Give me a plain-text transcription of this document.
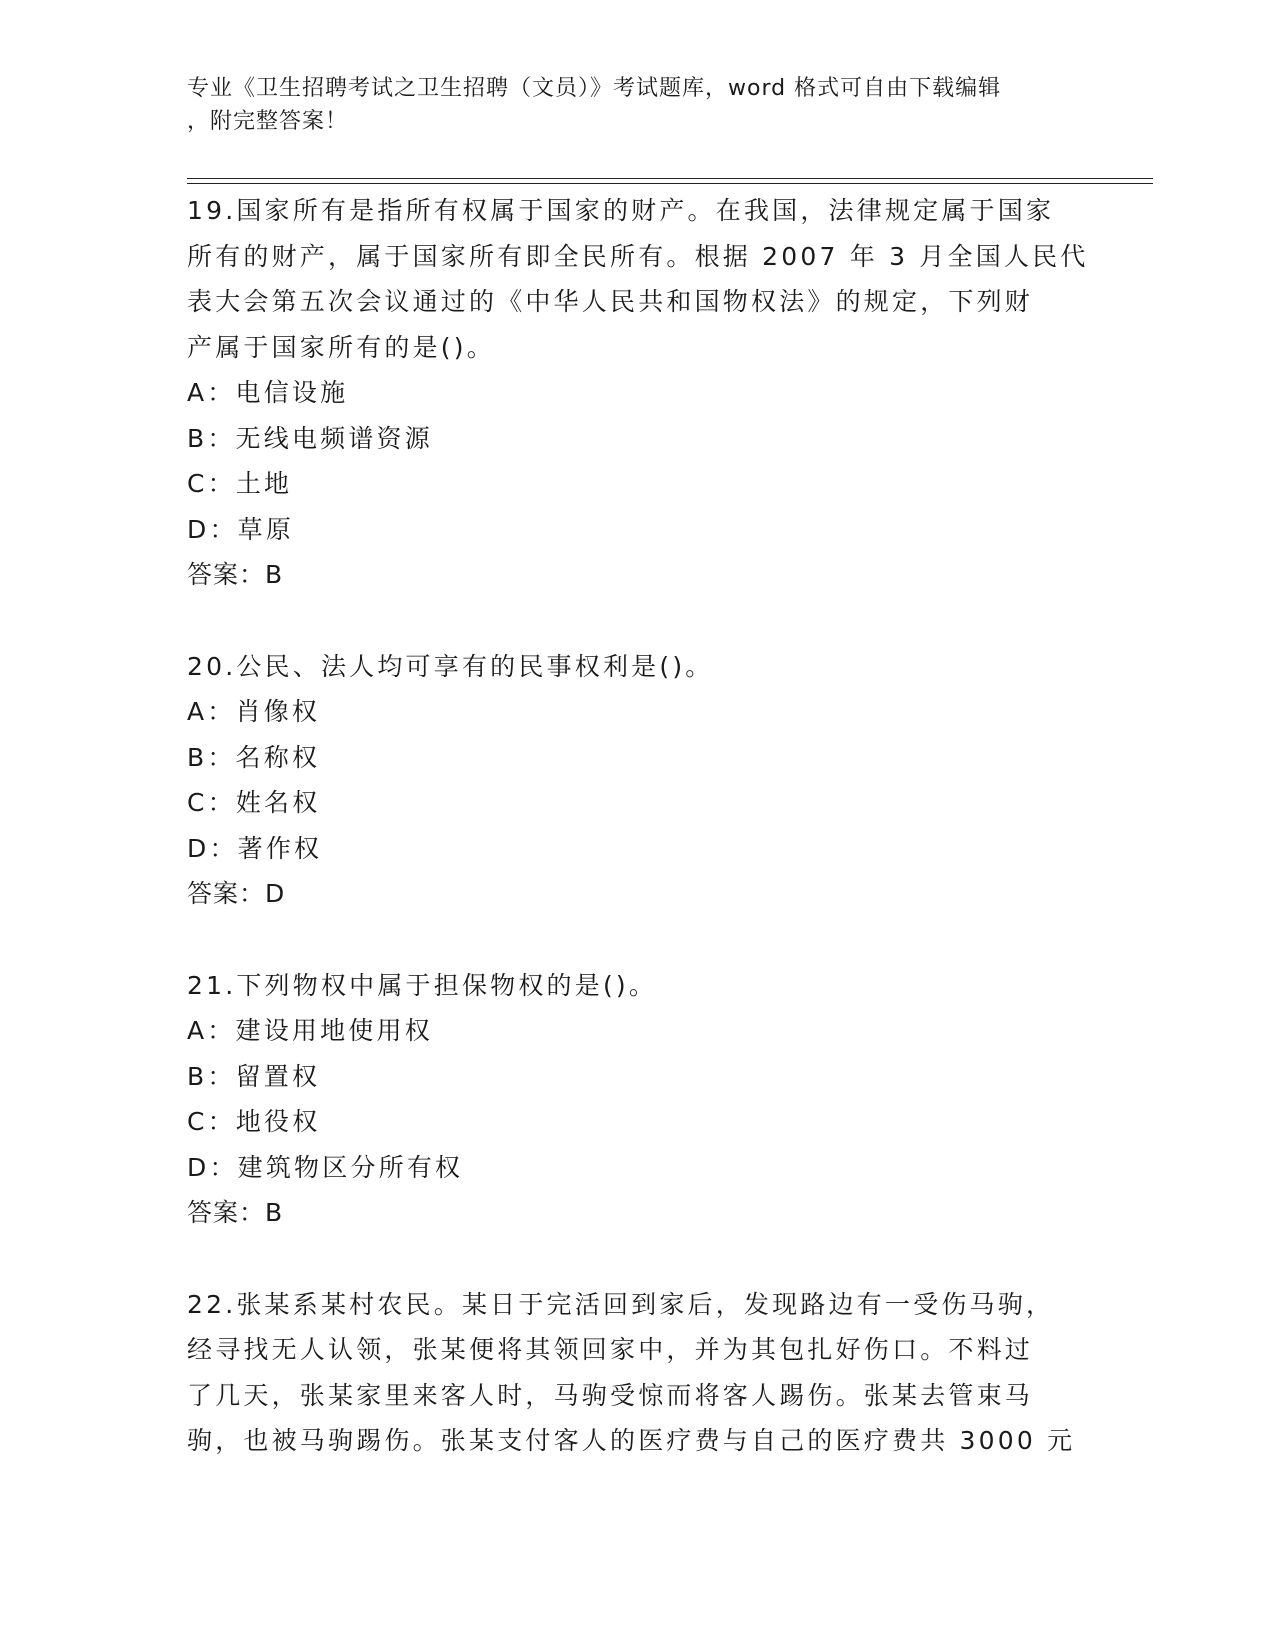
专业《卫生招聘考试之卫生招聘（文员）》考试题库，word 格式可自由下载编辑
，附完整答案！
19.国家所有是指所有权属于国家的财产。在我国，法律规定属于国家
所有的财产，属于国家所有即全民所有。根据 2007 年 3 月全国人民代
表大会第五次会议通过的《中华人民共和国物权法》的规定，下列财
产属于国家所有的是()。
A：电信设施
B：无线电频谱资源
C：土地
D：草原
答案：B
20.公民、法人均可享有的民事权利是()。
A：肖像权
B：名称权
C：姓名权
D：著作权
答案：D
21.下列物权中属于担保物权的是()。
A：建设用地使用权
B：留置权
C：地役权
D：建筑物区分所有权
答案：B
22.张某系某村农民。某日于完活回到家后，发现路边有一受伤马驹，
经寻找无人认领，张某便将其领回家中，并为其包扎好伤口。不料过
了几天，张某家里来客人时，马驹受惊而将客人踢伤。张某去管束马
驹，也被马驹踢伤。张某支付客人的医疗费与自己的医疗费共 3000 元
